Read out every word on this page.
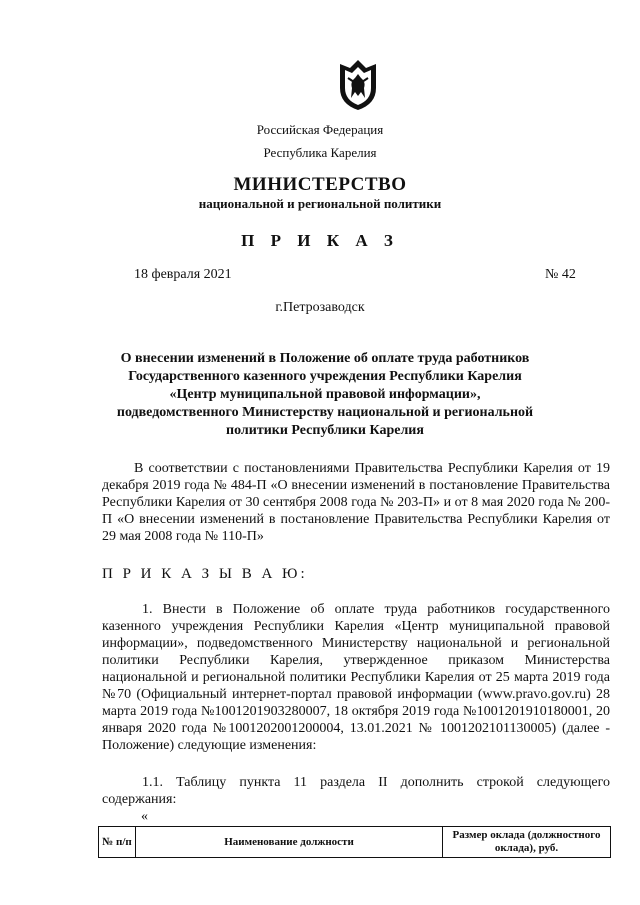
Российская Федерация
Республика Карелия
МИНИСТЕРСТВО
национальной и региональной политики
П Р И К А З
18 февраля 2021	№ 42
г.Петрозаводск
О внесении изменений в Положение об оплате труда работников Государственного казенного учреждения Республики Карелия «Центр муниципальной правовой информации», подведомственного Министерству национальной и региональной политики Республики Карелия
В соответствии с постановлениями Правительства Республики Карелия от 19 декабря 2019 года № 484-П «О внесении изменений в постановление Правительства Республики Карелия от 30 сентября 2008 года № 203-П» и от 8 мая 2020 года № 200-П «О внесении изменений в постановление Правительства Республики Карелия от 29 мая 2008 года № 110-П»
П Р И К А З Ы В А Ю:
1. Внести в Положение об оплате труда работников государственного казенного учреждения Республики Карелия «Центр муниципальной правовой информации», подведомственного Министерству национальной и региональной политики Республики Карелия, утвержденное приказом Министерства национальной и региональной политики Республики Карелия от 25 марта 2019 года №70 (Официальный интернет-портал правовой информации (www.pravo.gov.ru) 28 марта 2019 года №1001201903280007, 18 октября 2019 года №1001201910180001, 20 января 2020 года №1001202001200004, 13.01.2021 № 1001202101130005) (далее - Положение) следующие изменения:
1.1. Таблицу пункта 11 раздела II дополнить строкой следующего содержания:
«
№ п/п	Наименование должности	Размер оклада (должностного оклада), руб.
